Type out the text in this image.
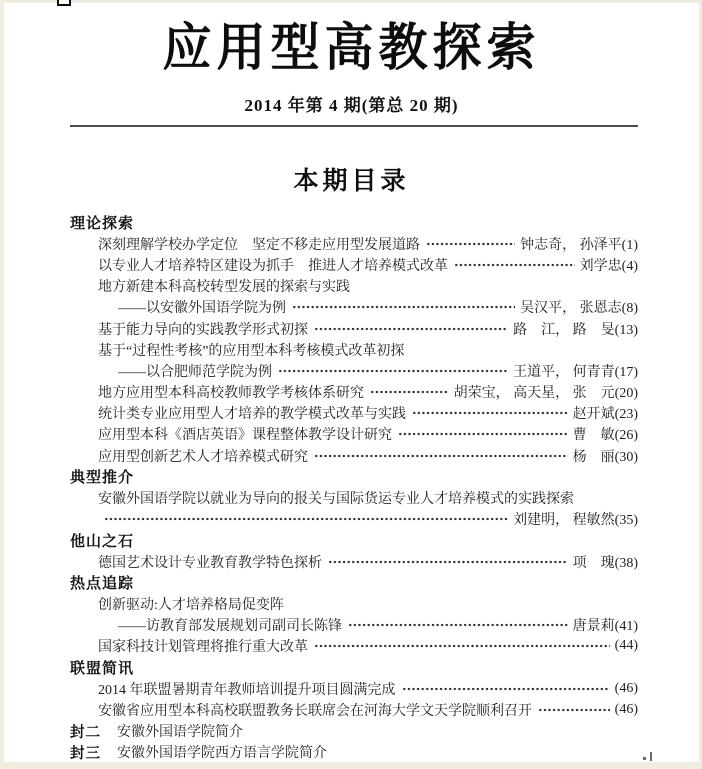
应用型高教探索
2014 年第 4 期(第总 20 期)
本期目录
理论探索
深刻理解学校办学定位　坚定不移走应用型发展道路	钟志奇， 孙泽平(1)
以专业人才培养特区建设为抓手　推进人才培养模式改革	刘学忠(4)
地方新建本科高校转型发展的探索与实践
——以安徽外国语学院为例	吴汉平， 张恩志(8)
基于能力导向的实践教学形式初探	路　江， 路　旻(13)
基于“过程性考核”的应用型本科考核模式改革初探
——以合肥师范学院为例	王道平， 何青青(17)
地方应用型本科高校教师教学考核体系研究	胡荣宝， 高天星， 张　元(20)
统计类专业应用型人才培养的教学模式改革与实践	赵开斌(23)
应用型本科《酒店英语》课程整体教学设计研究	曹　敏(26)
应用型创新艺术人才培养模式研究	杨　丽(30)
典型推介
安徽外国语学院以就业为导向的报关与国际货运专业人才培养模式的实践探索
刘建明， 程敏然(35)
他山之石
德国艺术设计专业教育教学特色探析	项　瑰(38)
热点追踪
创新驱动:人才培养格局促变阵
——访教育部发展规划司副司长陈锋	唐景莉(41)
国家科技计划管理将推行重大改革	(44)
联盟简讯
2014 年联盟暑期青年教师培训提升项目圆满完成	(46)
安徽省应用型本科高校联盟教务长联席会在河海大学文天学院顺利召开	(46)
封二 安徽外国语学院简介
封三 安徽外国语学院西方语言学院简介
